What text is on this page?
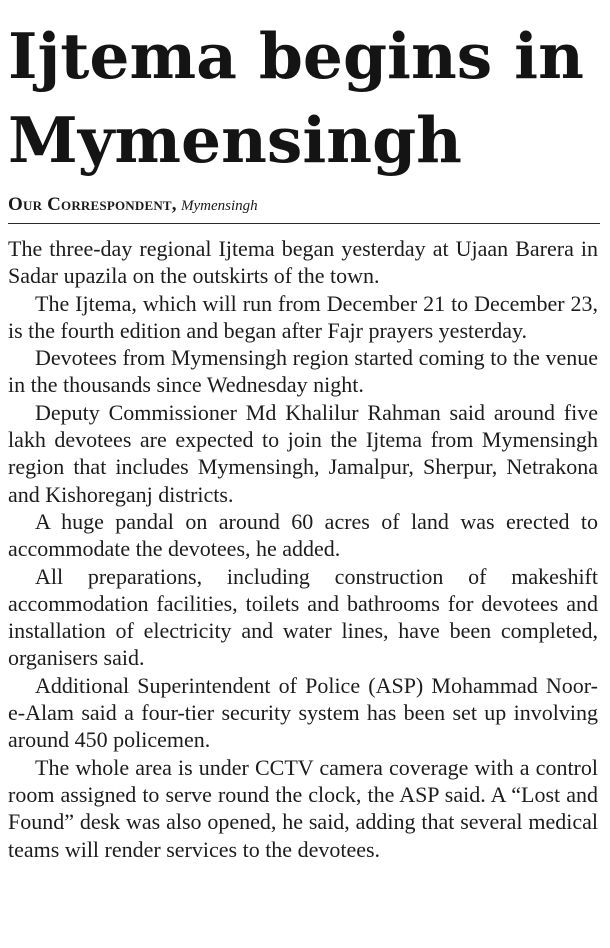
Ijtema begins in
Mymensingh
Our Correspondent, Mymensingh

The three-day regional Ijtema began yesterday at Ujaan Barera in Sadar upazila on the outskirts of the town.

The Ijtema, which will run from December 21 to December 23, is the fourth edition and began after Fajr prayers yesterday.

Devotees from Mymensingh region started coming to the venue in the thousands since Wednesday night.

Deputy Commissioner Md Khalilur Rahman said around five lakh devotees are expected to join the Ijtema from Mymensingh region that includes Mymensingh, Jamalpur, Sherpur, Netrakona and Kishoreganj districts.

A huge pandal on around 60 acres of land was erected to accommodate the devotees, he added.

All preparations, including construction of makeshift accommodation facilities, toilets and bathrooms for devotees and installation of electricity and water lines, have been completed, organisers said.

Additional Superintendent of Police (ASP) Mohammad Noor-e-Alam said a four-tier security system has been set up involving around 450 policemen.

The whole area is under CCTV camera coverage with a control room assigned to serve round the clock, the ASP said. A “Lost and Found” desk was also opened, he said, adding that several medical teams will render services to the devotees.
